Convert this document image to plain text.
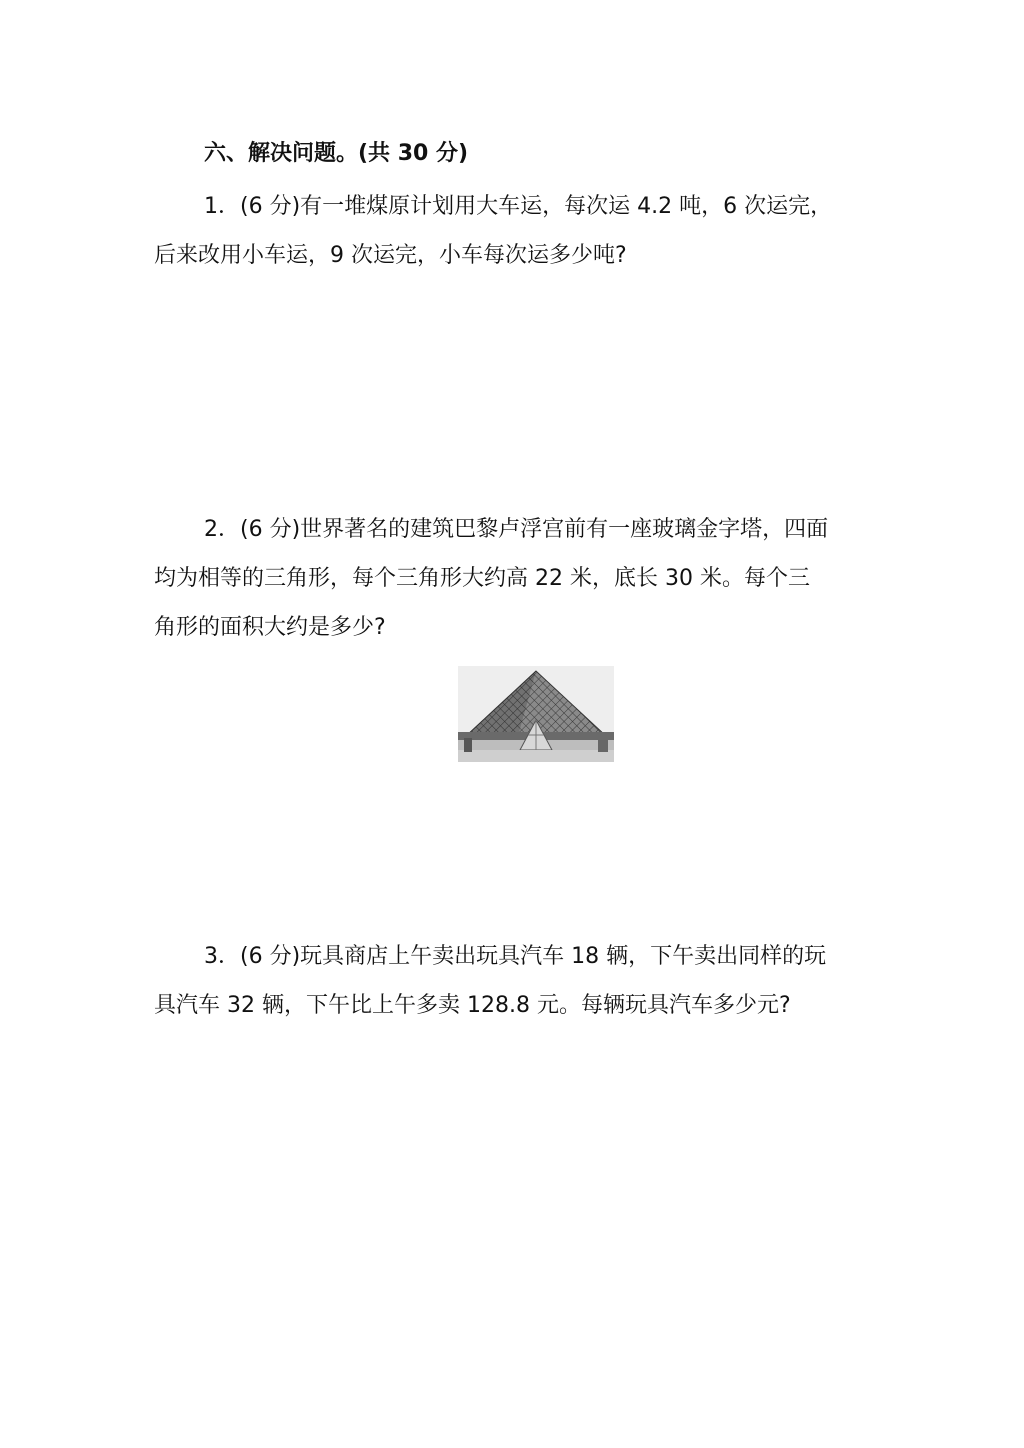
六、解决问题。(共 30 分)
1．(6 分)有一堆煤原计划用大车运，每次运 4.2 吨，6 次运完，
后来改用小车运，9 次运完，小车每次运多少吨?
2．(6 分)世界著名的建筑巴黎卢浮宫前有一座玻璃金字塔，四面
均为相等的三角形，每个三角形大约高 22 米，底长 30 米。每个三
角形的面积大约是多少?
3．(6 分)玩具商店上午卖出玩具汽车 18 辆，下午卖出同样的玩
具汽车 32 辆，下午比上午多卖 128.8 元。每辆玩具汽车多少元?
